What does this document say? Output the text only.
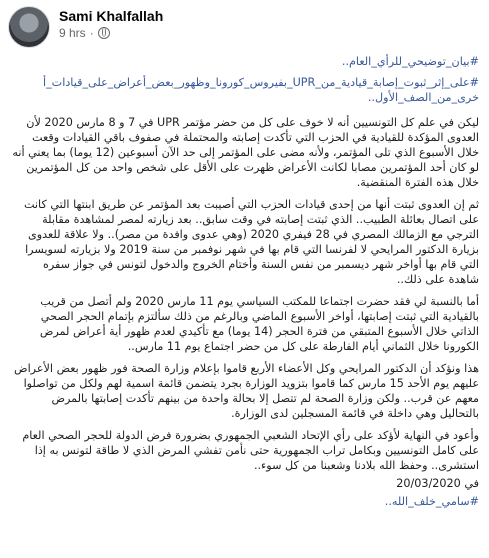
Sami Khalfallah
9 hrs ·

#بيان_توضيحي_للرأي_العام..

#على_إثر_ثبوت_إصابة_قيادية_من_UPR_بفيروس_كورونا_وظهور_بعض_أعراض_على_قيادات_أ خرى_من_الصف_الأول..

ليكن في علم كل التونسيين أنه لا خوف على كل من حضر مؤتمر UPR في 7 و 8 مارس 2020 لأن العدوى المؤكدة للقيادية في الحزب التي تأكدت إصابته والمحتملة في صفوف باقي القيادات وقعت خلال الأسبوع الذي تلى المؤتمر، ولأنه مضى على المؤتمر إلى حد الآن أسبوعين (12 يوما) بما يعني أنه لو كان أحد المؤتمرين مصابا لكانت الأعراض ظهرت على الأقل على شخص واحد من كل المؤتمرين خلال هذه الفترة المنقضية.

ثم إن العدوى ثبتت أنها من إحدى قيادات الحزب التي أصيبت بعد المؤتمر عن طريق ابنتها التي كانت على اتصال بعائلة الطبيب.. الذي ثبتت إصابته في وقت سابق.. بعد زيارته لمصر لمشاهدة مقابلة الترجي مع الزمالك المصري في 28 فيفري 2020 (وهي عدوى وافدة من مصر).. ولا علاقة للعدوى بزيارة الدكتور المرايحي لا لفرنسا التي قام بها في شهر نوفمبر من سنة 2019 ولا بزيارته لسويسرا التي قام بها أواخر شهر ديسمبر من نفس السنة وأختام الخروج والدخول لتونس في جواز سفره شاهدة على ذلك..

أما بالنسبة لي فقد حضرت اجتماعا للمكتب السياسي يوم 11 مارس 2020 ولم أتصل من قريب بالقيادية التي ثبتت إصابتها، أواخر الأسبوع الماضي وبالرغم من ذلك سألتزم بإتمام الحجر الصحي الذاتي خلال الأسبوع المتبقي من فترة الحجر (14 يوما) مع تأكيدي لعدم ظهور أية أعراض لمرض الكورونا خلال الثماني أيام الفارطة على كل من حضر اجتماع يوم 11 مارس..

هذا ونؤكد أن الدكتور المرايحي وكل الأعضاء الأربع قاموا بإعلام وزارة الصحة فور ظهور بعض الأعراض عليهم يوم الأحد 15 مارس كما قاموا بتزويد الوزارة بجرد يتضمن قائمة اسمية لهم ولكل من تواصلوا معهم عن قرب.. ولكن وزارة الصحة لم تتصل إلا بحالة واحدة من بينهم تأكدت إصابتها بالمرض بالتحاليل وهي داخلة في قائمة المسجلين لدى الوزارة.

وأعود في النهاية لأؤكد على رأي الإتحاد الشعبي الجمهوري بضرورة فرض الدولة للحجر الصحي العام على كامل التونسيين وبكامل تراب الجمهورية حتى نأمن تفشي المرض الذي لا طاقة لتونس به إذا استشرى.. وحفظ الله بلادنا وشعبنا من كل سوء..

20/03/2020 في

#سامي_خلف_الله..
